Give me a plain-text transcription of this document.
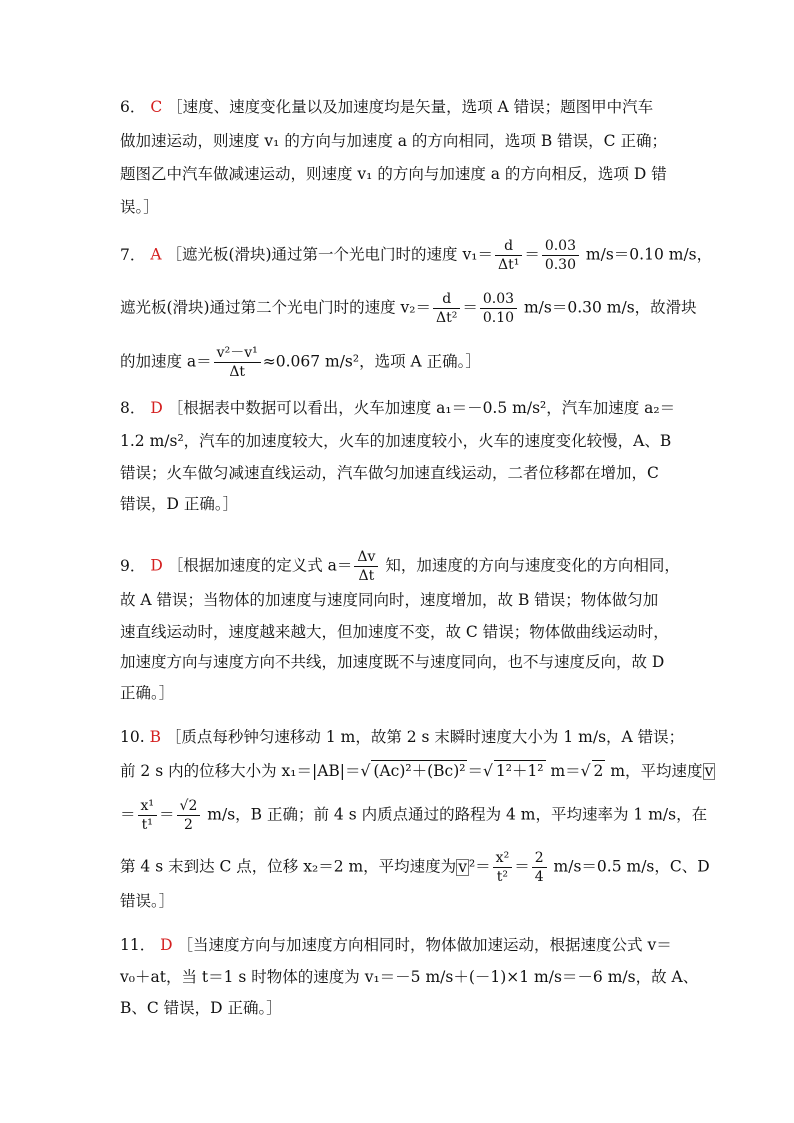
6． C ［速度、速度变化量以及加速度均是矢量，选项 A 错误；题图甲中汽车
做加速运动，则速度 v₁ 的方向与加速度 a 的方向相同，选项 B 错误，C 正确；
题图乙中汽车做减速运动，则速度 v₁ 的方向与加速度 a 的方向相反，选项 D 错
误。］
7． A ［遮光板(滑块)通过第一个光电门时的速度 $v_1= \frac{d}{\text{Δt¹}} = \frac{0.03}{0.30} m/s=0.10$ m/s，
遮光板(滑块)通过第二个光电门时的速度 $v_2= \frac{d}{\text{Δt²}} = \frac{0.03}{0.10} m/s=0.30$ m/s，故滑块
的加速度 $a= \frac{\text{v²－v¹}}{\Delta t} \approx 0.067$ m/s²，选项 A 正确。］
8． D ［根据表中数据可以看出，火车加速度 a₁＝－0.5 m/s²，汽车加速度 a₂＝
1.2 m/s²，汽车的加速度较大，火车的加速度较小，火车的速度变化较慢，A、B
错误；火车做匀减速直线运动，汽车做匀加速直线运动，二者位移都在增加，C
错误，D 正确。］
9． D ［根据加速度的定义式 $a= \frac{\Delta v}{\Delta t}$ 知，加速度的方向与速度变化的方向相同，
故 A 错误；当物体的加速度与速度同向时，速度增加，故 B 错误；物体做匀加
速直线运动时，速度越来越大，但加速度不变，故 C 错误；物体做曲线运动时，
加速度方向与速度方向不共线，加速度既不与速度同向，也不与速度反向，故 D
正确。］
10. B ［质点每秒钟匀速移动 1 m，故第 2 s 末瞬时速度大小为 1 m/s，A 错误；
前 2 s 内的位移大小为 x₁＝|AB|＝√ (Ac)²＋(Bc)² ＝√ 1²＋1² m＝√ 2 m，平均速度 v
＝ $\frac{\text{x¹}}{\text{t¹}} = \frac{√2}{2} m/s$，B 正确；前 4 s 内质点通过的路程为 4 m，平均速率为 1 m/s，在
第 4 s 末到达 C 点，位移 x₂＝2 m，平均速度为 v $^2= \frac{\text{x²}}{\text{t²}} = \frac{2}{4} m/s=0.5$ m/s，C、D
错误。］
11． D ［当速度方向与加速度方向相同时，物体做加速运动，根据速度公式 v＝
v₀＋at，当 t＝1 s 时物体的速度为 v₁＝－5 m/s＋(－1)×1 m/s＝－6 m/s，故 A、
B、C 错误，D 正确。］
